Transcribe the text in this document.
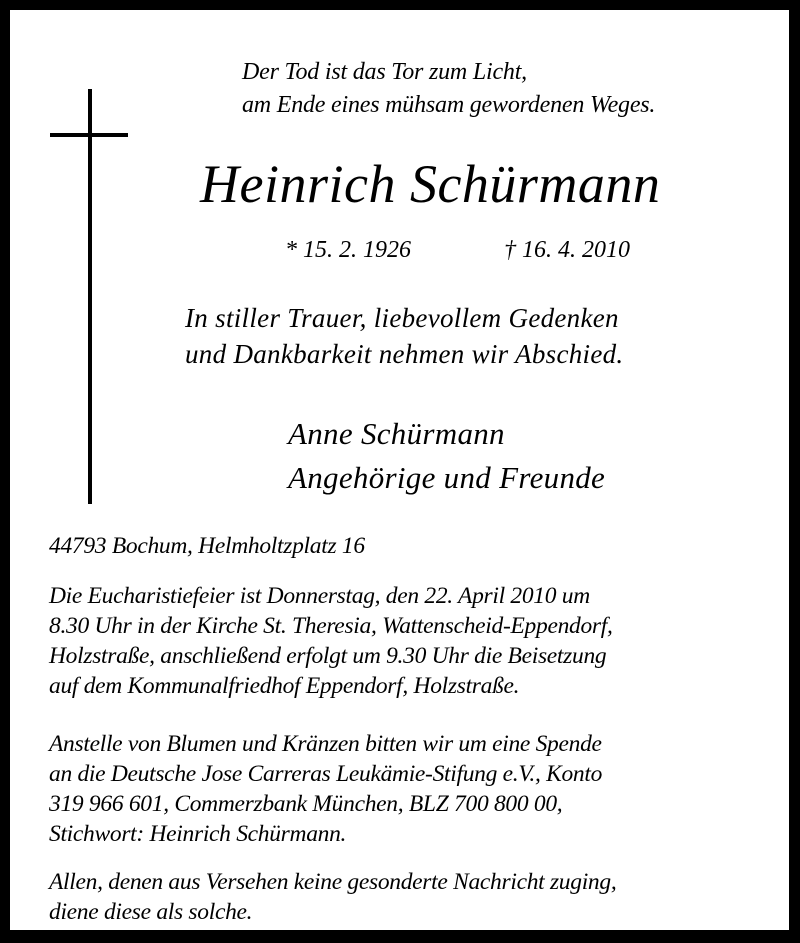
Der Tod ist das Tor zum Licht,
am Ende eines mühsam gewordenen Weges.
Heinrich Schürmann
* 15. 2. 1926	† 16. 4. 2010
In stiller Trauer, liebevollem Gedenken
und Dankbarkeit nehmen wir Abschied.
Anne Schürmann
Angehörige und Freunde
44793 Bochum, Helmholtzplatz 16
Die Eucharistiefeier ist Donnerstag, den 22. April 2010 um
8.30 Uhr in der Kirche St. Theresia, Wattenscheid-Eppendorf,
Holzstraße, anschließend erfolgt um 9.30 Uhr die Beisetzung
auf dem Kommunalfriedhof Eppendorf, Holzstraße.
Anstelle von Blumen und Kränzen bitten wir um eine Spende
an die Deutsche Jose Carreras Leukämie-Stifung e.V., Konto
319 966 601, Commerzbank München, BLZ 700 800 00,
Stichwort: Heinrich Schürmann.
Allen, denen aus Versehen keine gesonderte Nachricht zuging,
diene diese als solche.
